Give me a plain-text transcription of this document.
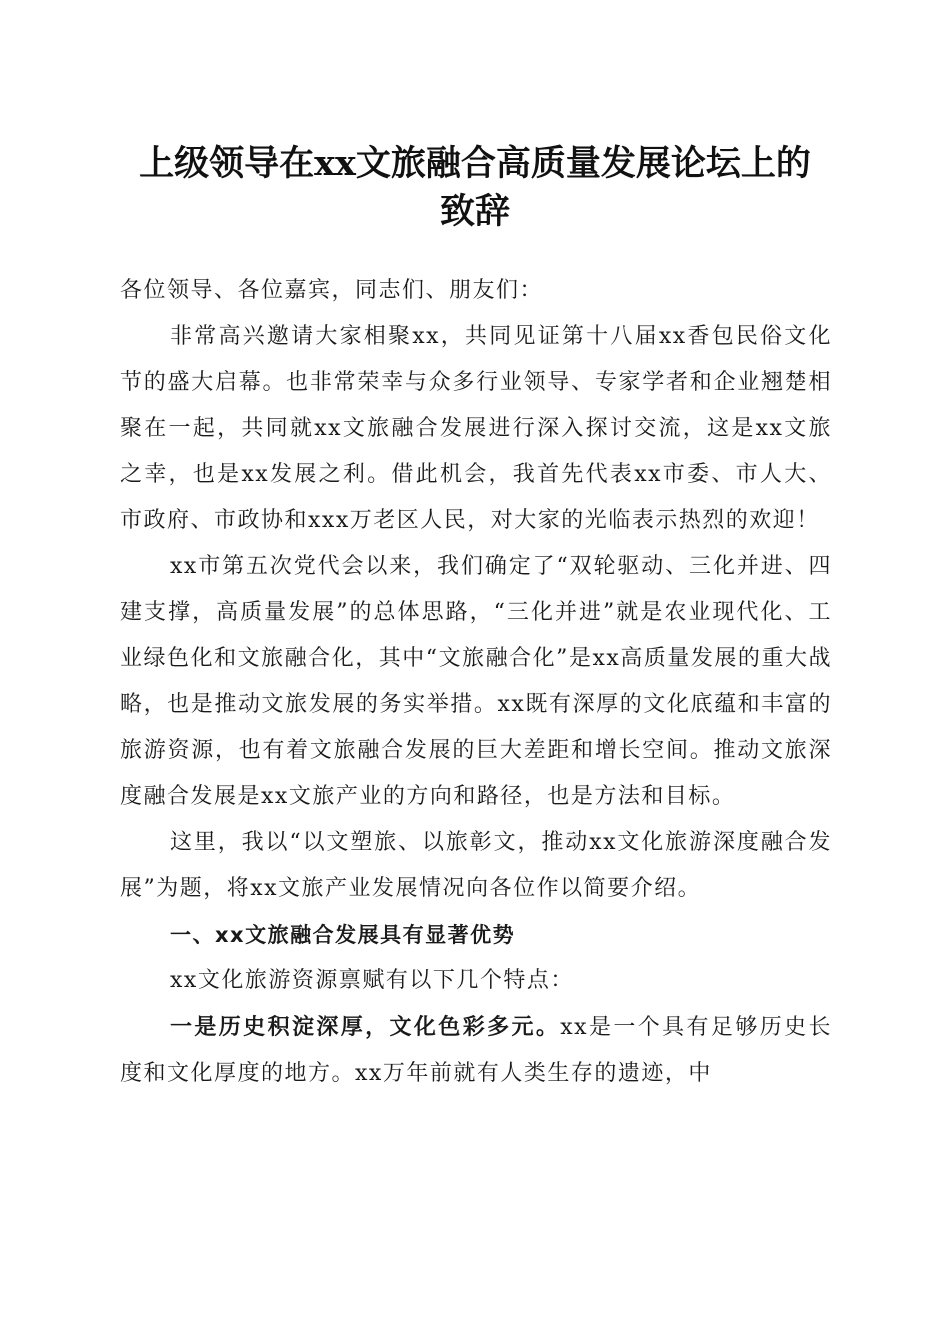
上级领导在xx文旅融合高质量发展论坛上的
致辞

各位领导、各位嘉宾，同志们、朋友们：

非常高兴邀请大家相聚xx，共同见证第十八届xx香包民俗文化节的盛大启幕。也非常荣幸与众多行业领导、专家学者和企业翘楚相聚在一起，共同就xx文旅融合发展进行深入探讨交流，这是xx文旅之幸，也是xx发展之利。借此机会，我首先代表xx市委、市人大、市政府、市政协和xxx万老区人民，对大家的光临表示热烈的欢迎！

xx市第五次党代会以来，我们确定了“双轮驱动、三化并进、四建支撑，高质量发展”的总体思路，“三化并进”就是农业现代化、工业绿色化和文旅融合化，其中“文旅融合化”是xx高质量发展的重大战略，也是推动文旅发展的务实举措。xx既有深厚的文化底蕴和丰富的旅游资源，也有着文旅融合发展的巨大差距和增长空间。推动文旅深度融合发展是xx文旅产业的方向和路径，也是方法和目标。

这里，我以“以文塑旅、以旅彰文，推动xx文化旅游深度融合发展”为题，将xx文旅产业发展情况向各位作以简要介绍。

一、xx文旅融合发展具有显著优势

xx文化旅游资源禀赋有以下几个特点：

一是历史积淀深厚，文化色彩多元。xx是一个具有足够历史长度和文化厚度的地方。xx万年前就有人类生存的遗迹，中
